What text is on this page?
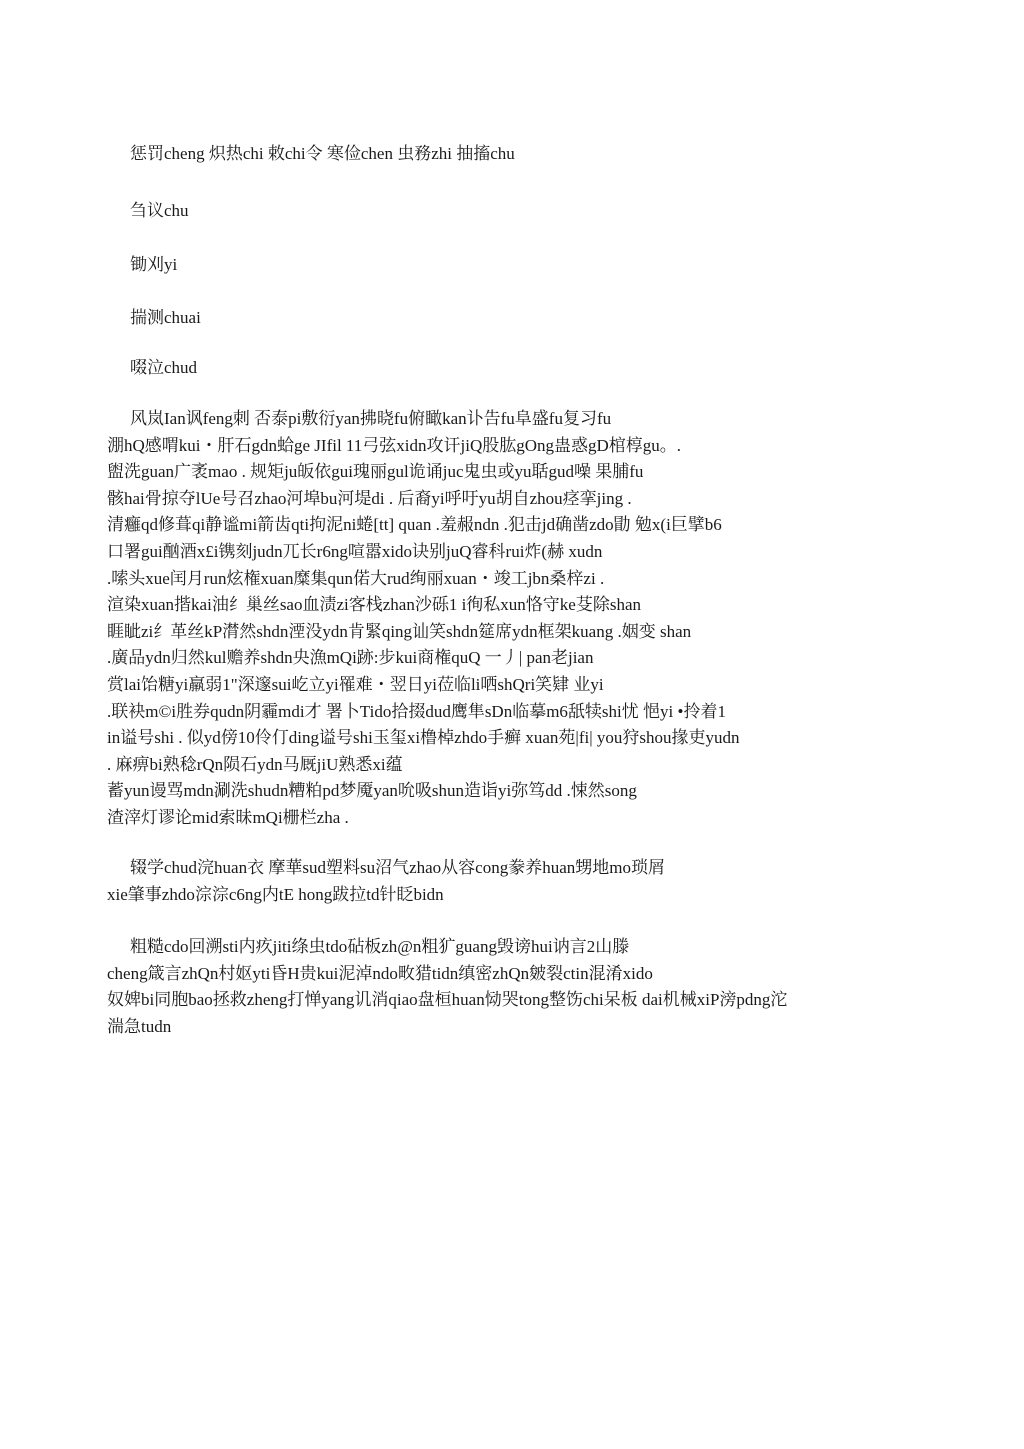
惩罚cheng 炽热chi 敕chi令 寒俭chen 虫務zhi 抽搐chu
刍议chu
锄刈yi
揣测chuai
啜泣chud
风岚Ian讽feng刺 否泰pi敷衍yan拂晓fu俯瞰kan讣告fu阜盛fu复习fu
淜hQ感喟kui・肝石gdn蛤ge JIfil 11弓弦xidn攻讦jiQ股肱gOng蛊惑gD棺椁gu。.
盥洗guan广袤mao . 规矩ju皈依gui瑰丽gul诡诵juc鬼虫或yu聒gud噪 果脯fu
骸hai骨掠夺lUe号召zhao河埠bu河堤di . 后裔yi呼吁yu胡自zhou痉挛jing .
清癰qd修葺qi静谧mi箭齿qti拘泥ni蜷[tt] quan .羞赧ndn .犯击jd确凿zdo勖 勉x(i巨擘b6
口署gui酗酒x£i镌刻judn兀长r6ng喧嚣xido诀别juQ睿科rui炸(赫 xudn
.嗦头xue闰月run炫権xuan糜集qun偌大rud绚丽xuan・竣工jbn桑梓zi .
渲染xuan揩kai油纟巢丝sao血渍zi客栈zhan沙砾1 i徇私xun恪守ke芟除shan
睚眦zi纟革丝kP潸然shdn湮没ydn肯緊qing讪笑shdn筵席ydn框架kuang .姻变 shan
.廣品ydn归然kul赡养shdn央漁mQi跡:步kui商権quQ 一丿| pan老jian
赏lai饴糖yi羸弱1"深邃sui屹立yi罹难・翌日yi莅临li哂shQri笑肄 业yi
.联袂m©i胜券qudn阴霾mdi才 署卜Tido拾掇dud鹰隼sDn临摹m6舐犊shi忧 悒yi •拎着1
in谥号shi . 似yd傍10伶仃ding谥号shi玉玺xi橹棹zhdo手癣 xuan苑|fi| you狩shou掾吏yudn
. 麻痹bi熟稔rQn陨石ydn马厩jiU熟悉xi蕴
蓄yun谩骂mdn涮洗shudn糟粕pd梦魇yan吮吸shun造诣yi弥笃dd .悚然song
渣滓灯谬论mid索昧mQi栅栏zha .
辍学chud浣huan衣 摩華sud塑料su沼气zhao从容cong豢养huan甥地mo琐屑
xie肇事zhdo淙淙c6ng内tE hong跋拉td针眨bidn
粗糙cdo回溯sti内疚jiti绦虫tdo砧板zh@n粗犷guang毁谤hui讷言2山滕
cheng箴言zhQn村妪yti昏H贵kui泥淖ndo畋猎tidn缜密zhQn皴裂ctin混淆xido
奴婢bi同胞bao拯救zheng打惮yang讥消qiao盘桓huan恸哭tong整饬chi呆板 dai机械xiP滂pdng沱
湍急tudn
